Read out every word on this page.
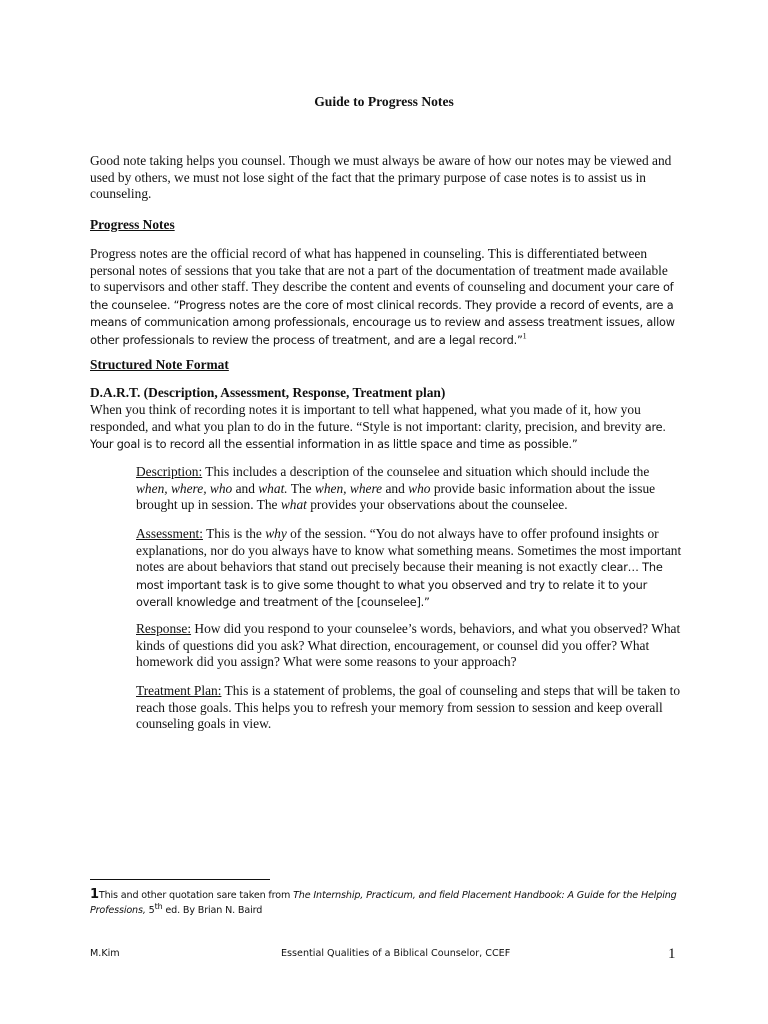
Guide to Progress Notes

Good note taking helps you counsel. Though we must always be aware of how our notes may be viewed and used by others, we must not lose sight of the fact that the primary purpose of case notes is to assist us in counseling.

Progress Notes

Progress notes are the official record of what has happened in counseling. This is differentiated between personal notes of sessions that you take that are not a part of the documentation of treatment made available to supervisors and other staff. They describe the content and events of counseling and document your care of the counselee. “Progress notes are the core of most clinical records. They provide a record of events, are a means of communication among professionals, encourage us to review and assess treatment issues, allow other professionals to review the process of treatment, and are a legal record.”$^1$

Structured Note Format
D.A.R.T. (Description, Assessment, Response, Treatment plan)

When you think of recording notes it is important to tell what happened, what you made of it, how you responded, and what you plan to do in the future. “Style is not important: clarity, precision, and brevity are. Your goal is to record all the essential information in as little space and time as possible.”

Description: This includes a description of the counselee and situation which should include the when, where, who and what. The when, where and who provide basic information about the issue brought up in session. The what provides your observations about the counselee.

Assessment: This is the why of the session. “You do not always have to offer profound insights or explanations, nor do you always have to know what something means. Sometimes the most important notes are about behaviors that stand out precisely because their meaning is not exactly clear… The most important task is to give some thought to what you observed and try to relate it to your overall knowledge and treatment of the [counselee].”

Response: How did you respond to your counselee’s words, behaviors, and what you observed? What kinds of questions did you ask? What direction, encouragement, or counsel did you offer? What homework did you assign? What were some reasons to your approach?

Treatment Plan: This is a statement of problems, the goal of counseling and steps that will be taken to reach those goals. This helps you to refresh your memory from session to session and keep overall counseling goals in view.

1This and other quotation sare taken from The Internship, Practicum, and field Placement Handbook: A Guide for the Helping Professions, 5th ed. By Brian N. Baird
M.Kim	Essential Qualities of a Biblical Counselor, CCEF	1
